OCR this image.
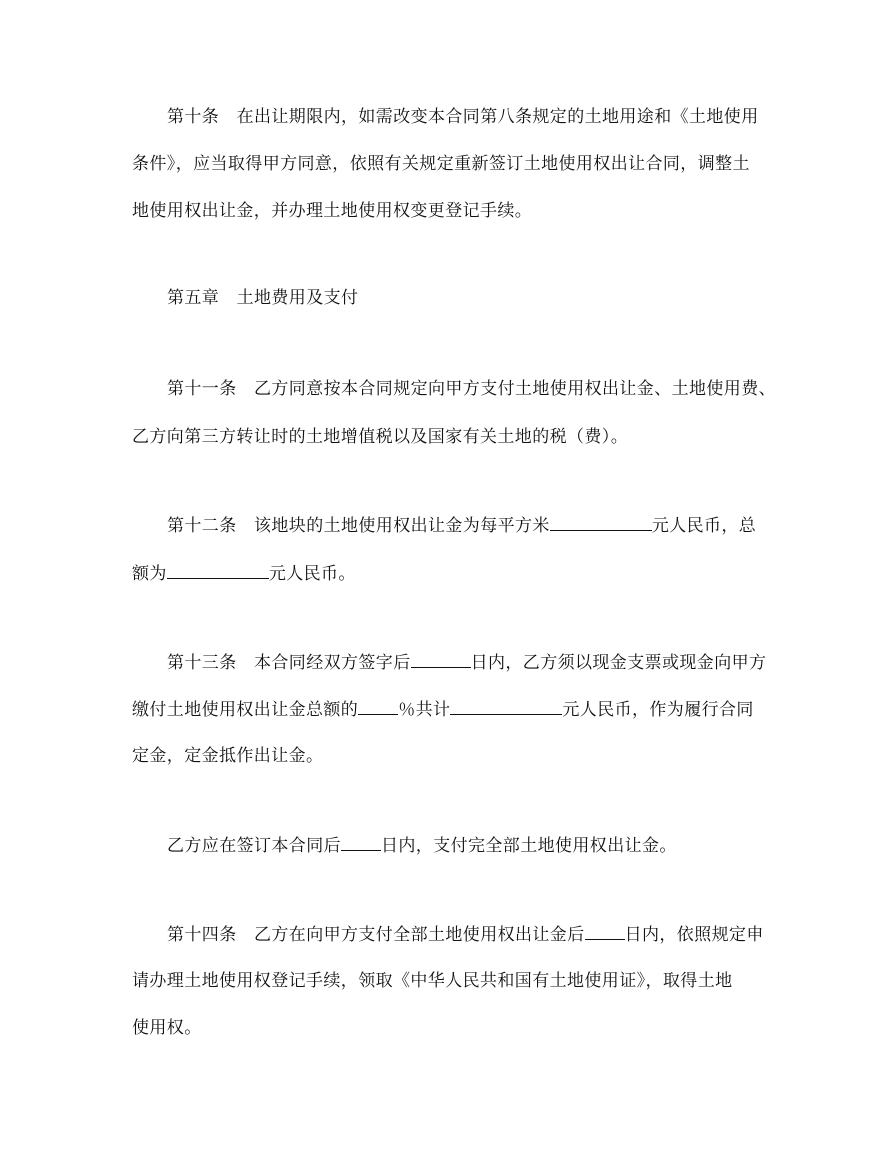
第十条　在出让期限内，如需改变本合同第八条规定的土地用途和《土地使用
条件》，应当取得甲方同意，依照有关规定重新签订土地使用权出让合同，调整土
地使用权出让金，并办理土地使用权变更登记手续。
第五章　土地费用及支付
第十一条　乙方同意按本合同规定向甲方支付土地使用权出让金、土地使用费、
乙方向第三方转让时的土地增值税以及国家有关土地的税（费）。
第十二条　该地块的土地使用权出让金为每平方米	元人民币，总
额为	元人民币。
第十三条　本合同经双方签字后	日内，乙方须以现金支票或现金向甲方
缴付土地使用权出让金总额的 ％共计	元人民币，作为履行合同
定金，定金抵作出让金。
乙方应在签订本合同后 日内，支付完全部土地使用权出让金。
第十四条　乙方在向甲方支付全部土地使用权出让金后 日内，依照规定申
请办理土地使用权登记手续，领取《中华人民共和国有土地使用证》，取得土地
使用权。
